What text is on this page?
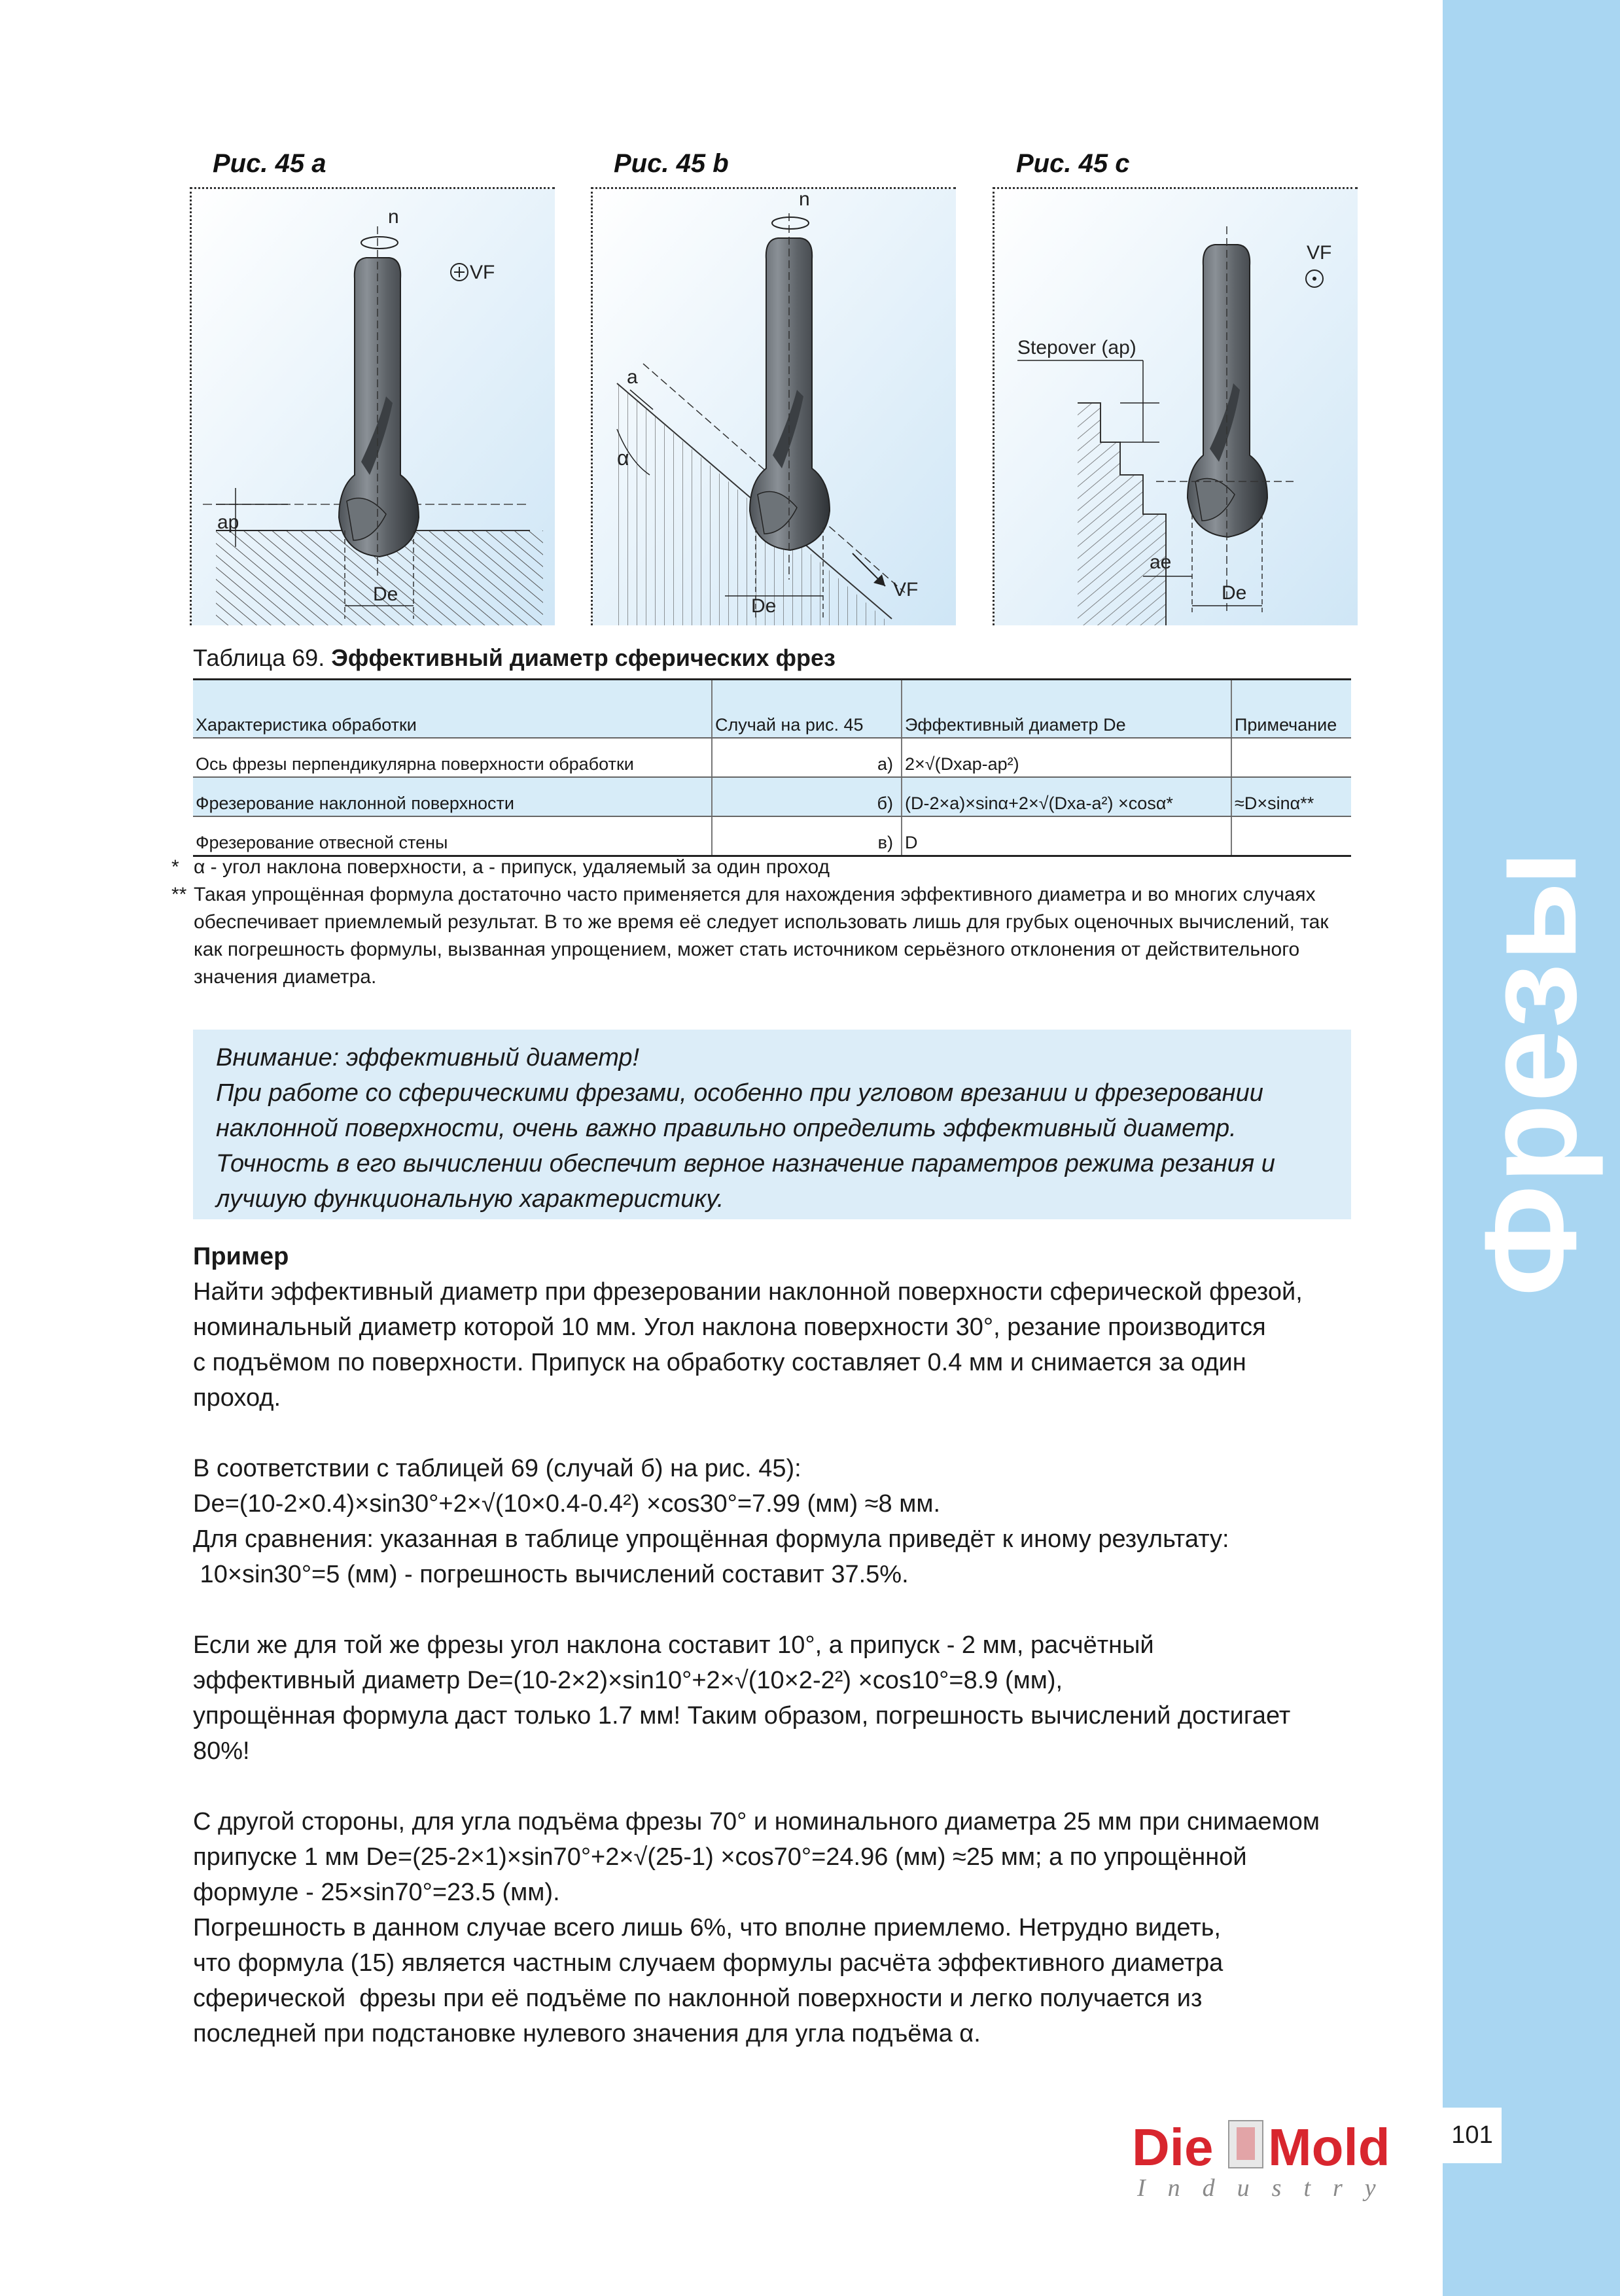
Фрезы
Рис. 45 a	Рис. 45 b	Рис. 45 c
n
VF
ap
De
n
a
α
VF
De
VF
Stepover (ap)
ae
De
Таблица 69. Эффективный диаметр сферических фрез
Характеристика обработки	Случай на рис. 45	Эффективный диаметр De	Примечание
Ось фрезы перпендикулярна поверхности обработки	a)	2×√(Dxap-ap²)	
Фрезерование наклонной поверхности	б)	(D-2×a)×sinα+2×√(Dxa-a²) ×cosα*	≈D×sinα**
Фрезерование отвесной стены	в)	D	
* α - угол наклона поверхности, a - припуск, удаляемый за один проход
** Такая упрощённая формула достаточно часто применяется для нахождения эффективного диаметра и во многих случаях обеспечивает приемлемый результат. В то же время её следует использовать лишь для грубых оценочных вычислений, так как погрешность формулы, вызванная упрощением, может стать источником серьёзного отклонения от действительного значения диаметра.
Внимание: эффективный диаметр!
При работе со сферическими фрезами, особенно при угловом врезании и фрезеровании
наклонной поверхности, очень важно правильно определить эффективный диаметр.
Точность в его вычислении обеспечит верное назначение параметров режима резания и
лучшую функциональную характеристику.

Пример

Найти эффективный диаметр при фрезеровании наклонной поверхности сферической фрезой,

номинальный диаметр которой 10 мм. Угол наклона поверхности 30°, резание производится

с подъёмом по поверхности. Припуск на обработку составляет 0.4 мм и снимается за один

проход.

В соответствии с таблицей 69 (случай б) на рис. 45):

De=(10-2×0.4)×sin30°+2×√(10×0.4-0.4²) ×cos30°=7.99 (мм) ≈8 мм.

Для сравнения: указанная в таблице упрощённая формула приведёт к иному результату:

10×sin30°=5 (мм) - погрешность вычислений составит 37.5%.

Если же для той же фрезы угол наклона составит 10°, а припуск - 2 мм, расчётный

эффективный диаметр De=(10-2×2)×sin10°+2×√(10×2-2²) ×cos10°=8.9 (мм),

упрощённая формула даст только 1.7 мм! Таким образом, погрешность вычислений достигает

80%!

С другой стороны, для угла подъёма фрезы 70° и номинального диаметра 25 мм при снимаемом

припуске 1 мм De=(25-2×1)×sin70°+2×√(25-1) ×cos70°=24.96 (мм) ≈25 мм; а по упрощённой

формуле - 25×sin70°=23.5 (мм).

Погрешность в данном случае всего лишь 6%, что вполне приемлемо. Нетрудно видеть,

что формула (15) является частным случаем формулы расчёта эффективного диаметра

сферической  фрезы при её подъёме по наклонной поверхности и легко получается из

последней при подстановке нулевого значения для угла подъёма α.

Die Mold
Industry
101
